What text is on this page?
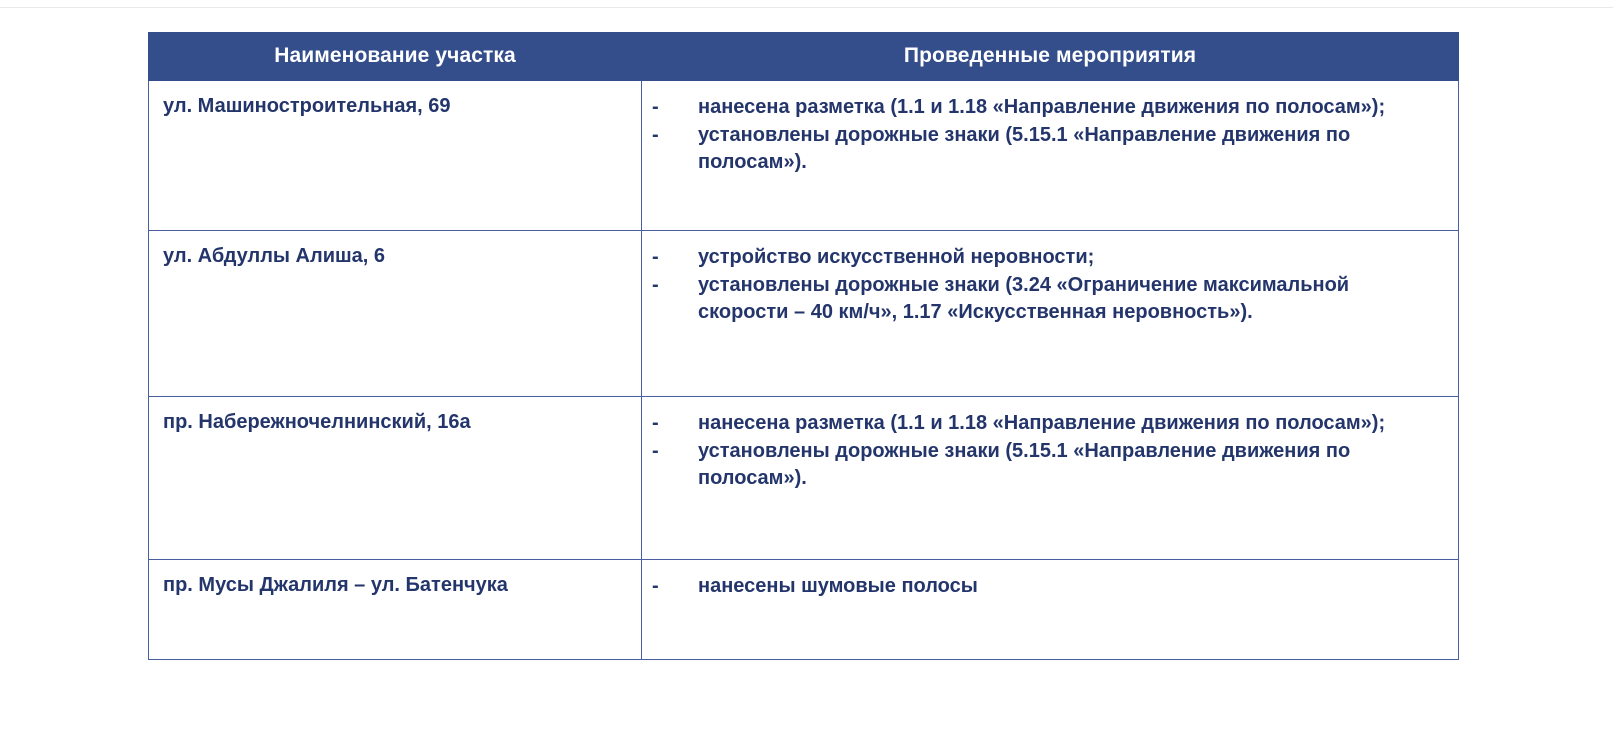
Наименование участка	Проведенные мероприятия

ул. Машиностроительная, 69	-	нанесена разметка (1.1 и 1.18 «Направление движения по полосам»);
-	установлены дорожные знаки (5.15.1 «Направление движения по полосам»).

ул. Абдуллы Алиша, 6	-	устройство искусственной неровности;
-	установлены дорожные знаки (3.24 «Ограничение максимальной скорости – 40 км/ч», 1.17 «Искусственная неровность»).

пр. Набережночелнинский, 16а	-	нанесена разметка (1.1 и 1.18 «Направление движения по полосам»);
-	установлены дорожные знаки (5.15.1 «Направление движения по полосам»).

пр. Мусы Джалиля – ул. Батенчука	-	нанесены шумовые полосы
